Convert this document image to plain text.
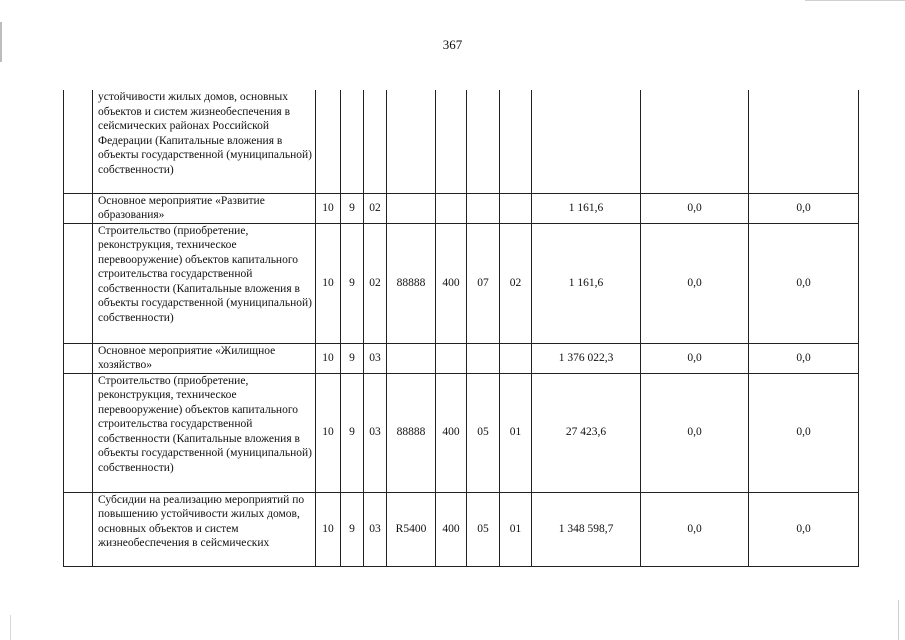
367
	устойчивости жилых домов, основных объектов и систем жизнеобеспечения в сейсмических районах Российской Федерации (Капитальные вложения в объекты государственной (муниципальной) собственности)										
	Основное мероприятие «Развитие образования»	10	9	02					1 161,6	0,0	0,0
	Строительство (приобретение, реконструкция, техническое перевооружение) объектов капитального строительства государственной собственности (Капитальные вложения в объекты государственной (муниципальной) собственности)	10	9	02	88888	400	07	02	1 161,6	0,0	0,0
	Основное мероприятие «Жилищное хозяйство»	10	9	03					1 376 022,3	0,0	0,0
	Строительство (приобретение, реконструкция, техническое перевооружение) объектов капитального строительства государственной собственности (Капитальные вложения в объекты государственной (муниципальной) собственности)	10	9	03	88888	400	05	01	27 423,6	0,0	0,0
	Субсидии на реализацию мероприятий по повышению устойчивости жилых домов, основных объектов и систем жизнеобеспечения в сейсмических	10	9	03	R5400	400	05	01	1 348 598,7	0,0	0,0
